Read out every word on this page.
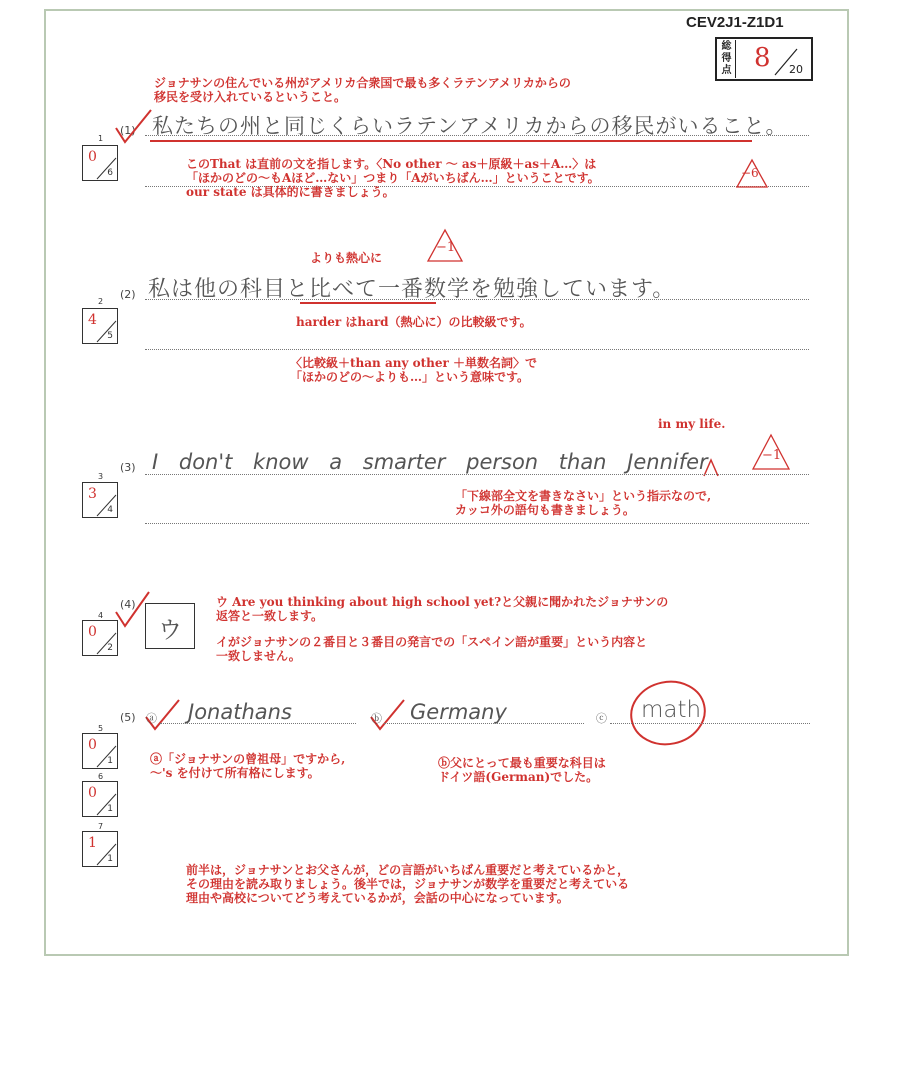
CEV2J1-Z1D1
総
得
点 8 20
ジョナサンの住んでいる州がアメリカ合衆国で最も多くラテンアメリカからの
移民を受け入れているということ。
1
(1) 私たちの州と同じくらいラテンアメリカからの移民がいること。
0
6
このThat は直前の文を指します。〈No other 〜 as＋原級＋as＋A…〉は
「ほかのどの〜もAほど…ない」つまり「Aがいちばん…」ということです。
our state は具体的に書きましょう。
−6
よりも熱心に
−1
2
(2) 私は他の科目と比べて一番数学を勉強しています。
4
5
harder はhard（熱心に）の比較級です。
〈比較級＋than any other ＋単数名詞〉で
「ほかのどの〜よりも…」という意味です。
in my life.
−1
3
(3) I don't know a smarter person than Jennifer
3
4
「下線部全文を書きなさい」という指示なので,
カッコ外の語句も書きましょう。
4
(4)
ウ
0
2
ウ Are you thinking about high school yet?と父親に聞かれたジョナサンの
返答と一致します。
イがジョナサンの２番目と３番目の発言での「スペイン語が重要」という内容と
一致しません。
(5) ⓐ Jonathans	ⓑ Germany	ⓒ math
ⓐ「ジョナサンの曾祖母」ですから,
〜's を付けて所有格にします。
ⓑ父にとって最も重要な科目は
ドイツ語(German)でした。
5
0
1
6
0
1
7
1
1
前半は，ジョナサンとお父さんが，どの言語がいちばん重要だと考えているかと，
その理由を読み取りましょう。後半では，ジョナサンが数学を重要だと考えている
理由や高校についてどう考えているかが，会話の中心になっています。
